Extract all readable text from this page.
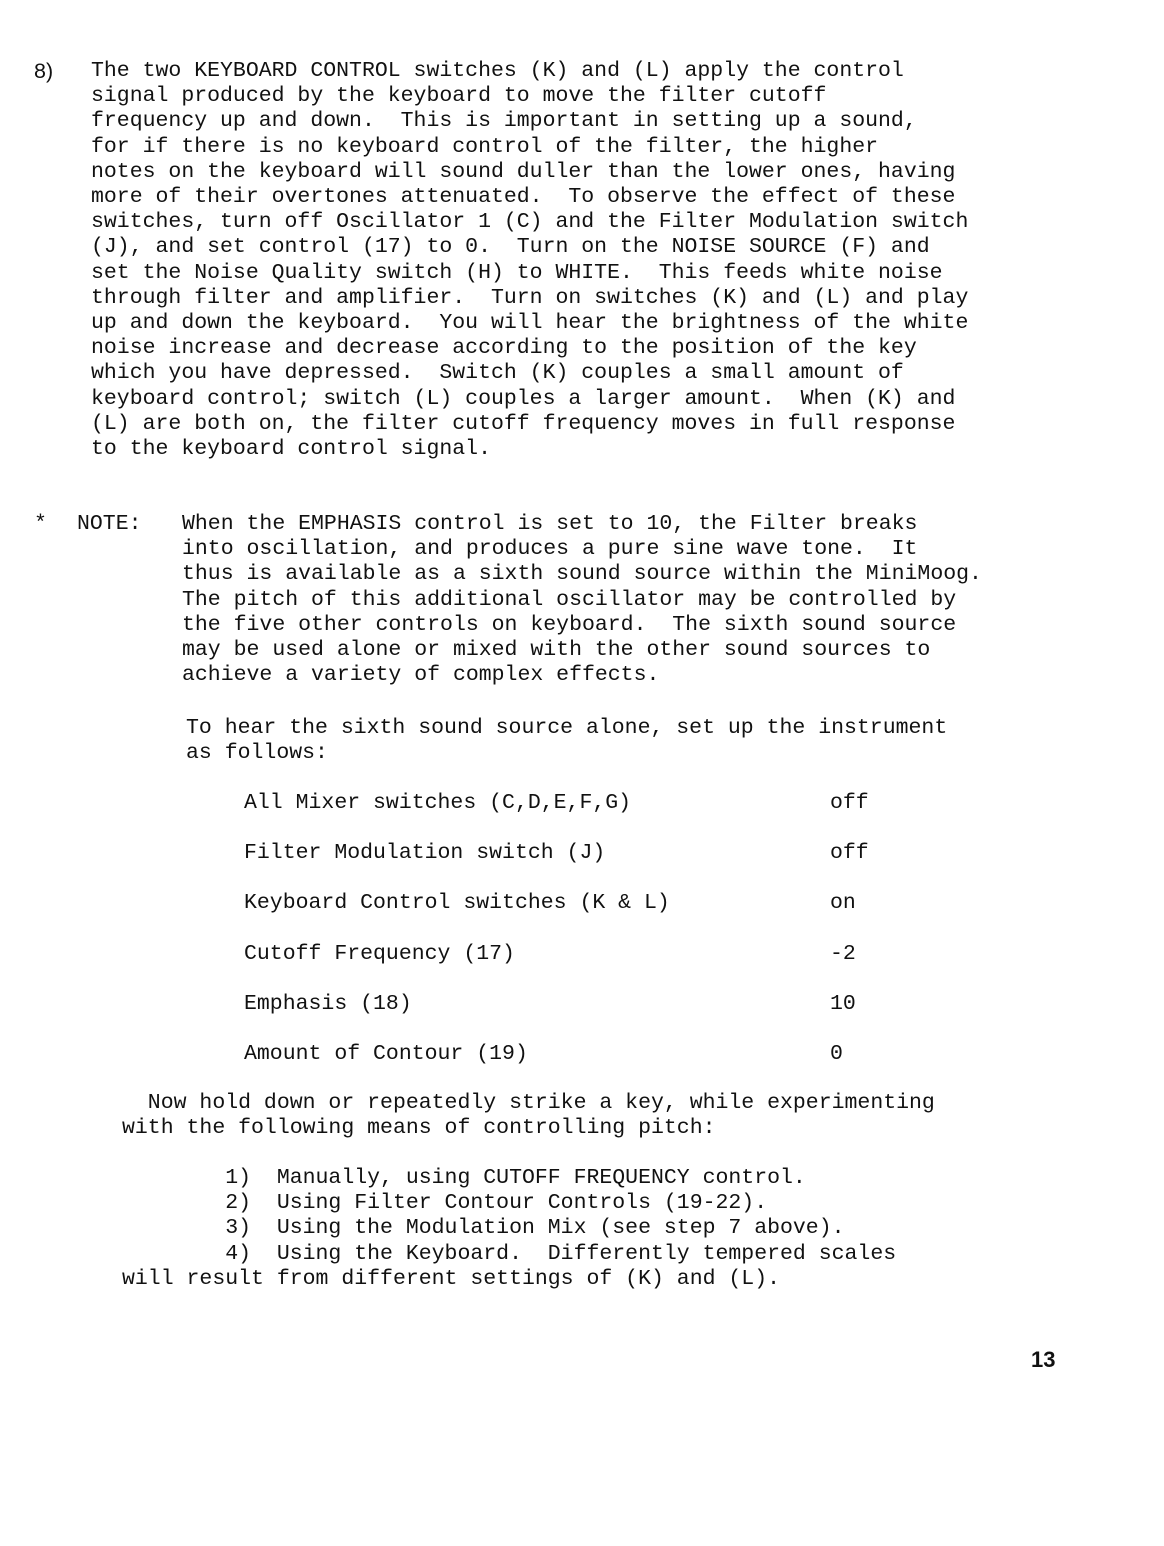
8) The two KEYBOARD CONTROL switches (K) and (L) apply the control
signal produced by the keyboard to move the filter cutoff
frequency up and down.  This is important in setting up a sound,
for if there is no keyboard control of the filter, the higher
notes on the keyboard will sound duller than the lower ones, having
more of their overtones attenuated.  To observe the effect of these
switches, turn off Oscillator 1 (C) and the Filter Modulation switch
(J), and set control (17) to 0.  Turn on the NOISE SOURCE (F) and
set the Noise Quality switch (H) to WHITE.  This feeds white noise
through filter and amplifier.  Turn on switches (K) and (L) and play
up and down the keyboard.  You will hear the brightness of the white
noise increase and decrease according to the position of the key
which you have depressed.  Switch (K) couples a small amount of
keyboard control; switch (L) couples a larger amount.  When (K) and
(L) are both on, the filter cutoff frequency moves in full response
to the keyboard control signal.
* NOTE: When the EMPHASIS control is set to 10, the Filter breaks
into oscillation, and produces a pure sine wave tone.  It
thus is available as a sixth sound source within the MiniMoog.
The pitch of this additional oscillator may be controlled by
the five other controls on keyboard.  The sixth sound source
may be used alone or mixed with the other sound sources to
achieve a variety of complex effects.
To hear the sixth sound source alone, set up the instrument
as follows:

All Mixer switches (C,D,E,F,G)

	off

Filter Modulation switch (J)

	off

Keyboard Control switches (K & L)

	on

Cutoff Frequency (17)

	-2

Emphasis (18)

	10

Amount of Contour (19)

	0

Now hold down or repeatedly strike a key, while experimenting
with the following means of controlling pitch:
1)  Manually, using CUTOFF FREQUENCY control.
2)  Using Filter Contour Controls (19-22).
3)  Using the Modulation Mix (see step 7 above).
4)  Using the Keyboard.  Differently tempered scales
will result from different settings of (K) and (L).
13
